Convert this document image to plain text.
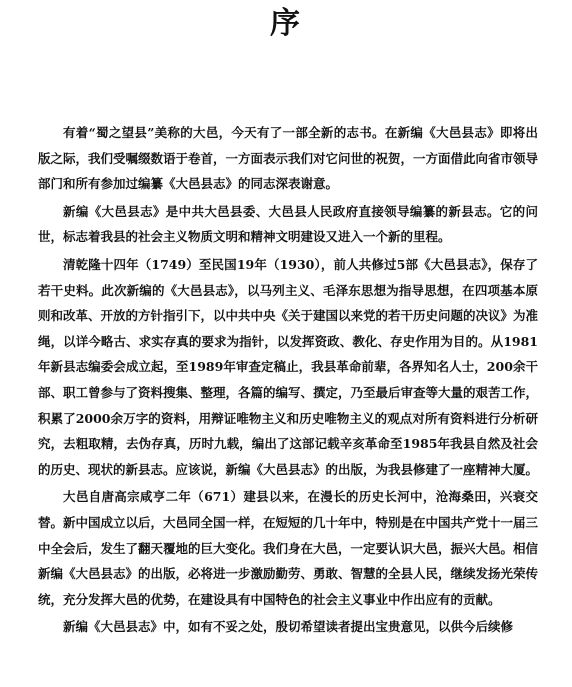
序

有着“蜀之望县”美称的大邑，今天有了一部全新的志书。在新编《大邑县志》即将出版之际，我们受嘱缀数语于卷首，一方面表示我们对它问世的祝贺，一方面借此向省市领导部门和所有参加过编纂《大邑县志》的同志深表谢意。

新编《大邑县志》是中共大邑县委、大邑县人民政府直接领导编纂的新县志。它的问世，标志着我县的社会主义物质文明和精神文明建设又进入一个新的里程。

清乾隆十四年（1749）至民国19年（1930），前人共修过5部《大邑县志》，保存了若干史料。此次新编的《大邑县志》，以马列主义、毛泽东思想为指导思想，在四项基本原则和改革、开放的方针指引下，以中共中央《关于建国以来党的若干历史问题的决议》为准绳，以详今略古、求实存真的要求为指针，以发挥资政、教化、存史作用为目的。从1981年新县志编委会成立起，至1989年审查定稿止，我县革命前辈，各界知名人士，200余干部、职工曾参与了资料搜集、整理，各篇的编写、撰定，乃至最后审查等大量的艰苦工作，积累了2000余万字的资料，用辩证唯物主义和历史唯物主义的观点对所有资料进行分析研究，去粗取精，去伪存真，历时九载，编出了这部记载辛亥革命至1985年我县自然及社会的历史、现状的新县志。应该说，新编《大邑县志》的出版，为我县修建了一座精神大厦。

大邑自唐高宗咸亨二年（671）建县以来，在漫长的历史长河中，沧海桑田，兴衰交替。新中国成立以后，大邑同全国一样，在短短的几十年中，特别是在中国共产党十一届三中全会后，发生了翻天覆地的巨大变化。我们身在大邑，一定要认识大邑，振兴大邑。相信新编《大邑县志》的出版，必将进一步激励勤劳、勇敢、智慧的全县人民，继续发扬光荣传统，充分发挥大邑的优势，在建设具有中国特色的社会主义事业中作出应有的贡献。

新编《大邑县志》中，如有不妥之处，殷切希望读者提出宝贵意见，以供今后续修
